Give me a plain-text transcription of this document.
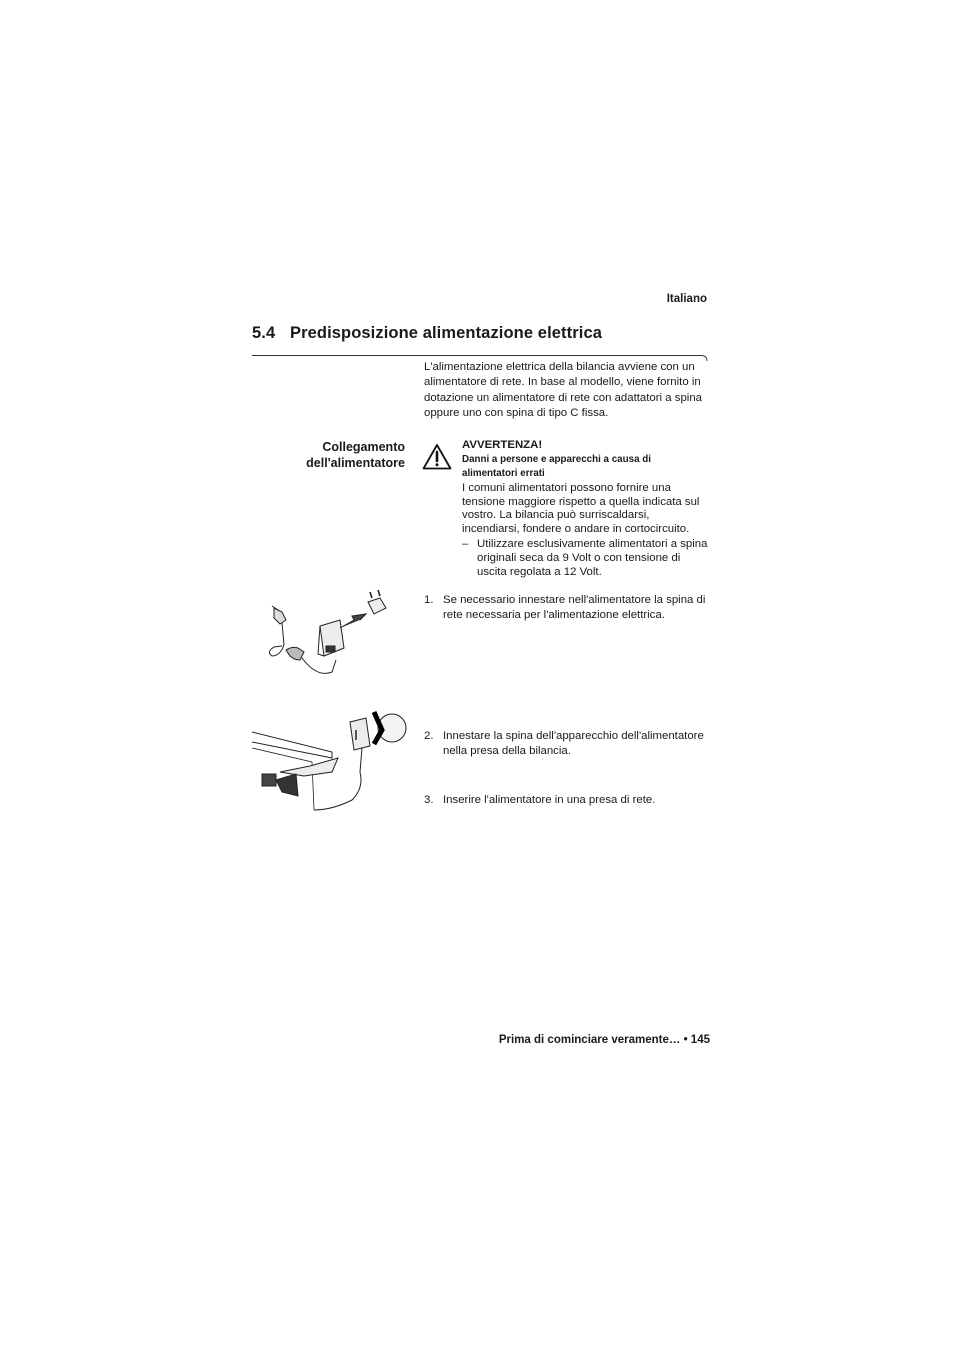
Italiano
5.4 Predisposizione alimentazione elettrica
L'alimentazione elettrica della bilancia avviene con un alimentatore di rete. In base al modello, viene fornito in dotazione un alimentatore di rete con adattatori a spina oppure uno con spina di tipo C fissa.
Collegamento
dell'alimentatore
AVVERTENZA!
Danni a persone e apparecchi a causa di alimentatori errati
I comuni alimentatori possono fornire una tensione maggiore rispetto a quella indicata sul vostro. La bilancia può surriscaldarsi, incendiarsi, fondere o andare in cortocircuito.
– Utilizzare esclusivamente alimentatori a spina originali seca da 9 Volt o con tensione di uscita regolata a 12 Volt.
1. Se necessario innestare nell'alimentatore la spina di rete necessaria per l'alimentazione elettrica.
2. Innestare la spina dell'apparecchio dell'alimentatore nella presa della bilancia.
3. Inserire l'alimentatore in una presa di rete.
Prima di cominciare veramente… • 145
